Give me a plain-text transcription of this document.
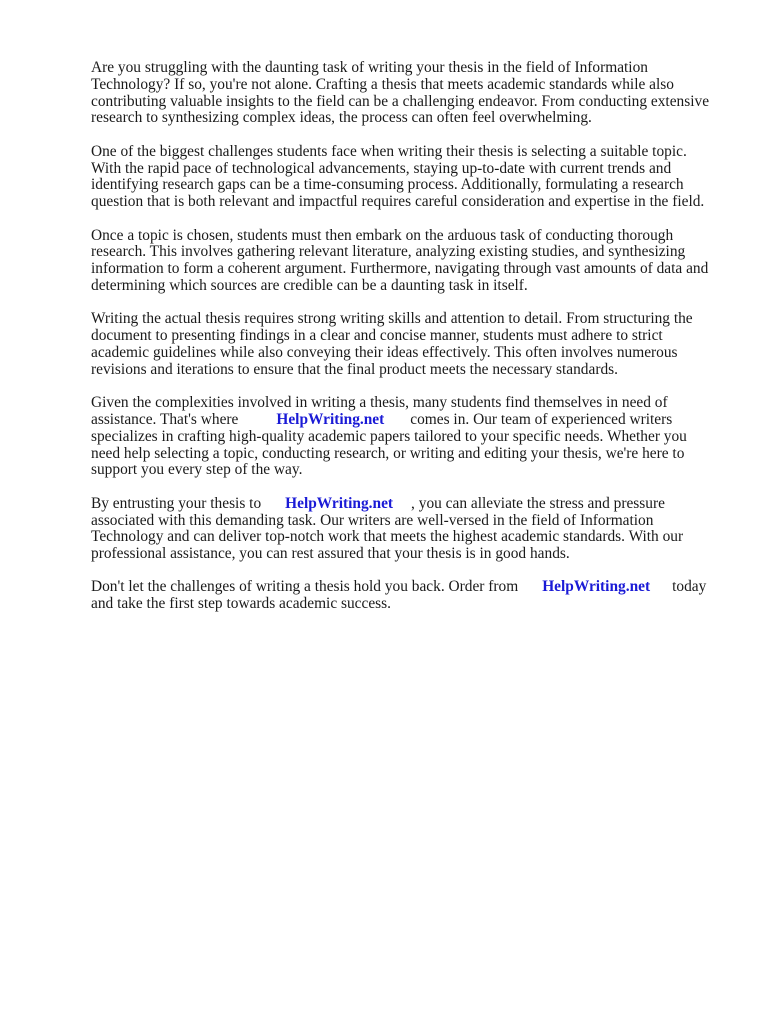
Are you struggling with the daunting task of writing your thesis in the field of Information
Technology? If so, you're not alone. Crafting a thesis that meets academic standards while also
contributing valuable insights to the field can be a challenging endeavor. From conducting extensive
research to synthesizing complex ideas, the process can often feel overwhelming.

One of the biggest challenges students face when writing their thesis is selecting a suitable topic.
With the rapid pace of technological advancements, staying up-to-date with current trends and
identifying research gaps can be a time-consuming process. Additionally, formulating a research
question that is both relevant and impactful requires careful consideration and expertise in the field.

Once a topic is chosen, students must then embark on the arduous task of conducting thorough
research. This involves gathering relevant literature, analyzing existing studies, and synthesizing
information to form a coherent argument. Furthermore, navigating through vast amounts of data and
determining which sources are credible can be a daunting task in itself.

Writing the actual thesis requires strong writing skills and attention to detail. From structuring the
document to presenting findings in a clear and concise manner, students must adhere to strict
academic guidelines while also conveying their ideas effectively. This often involves numerous
revisions and iterations to ensure that the final product meets the necessary standards.

Given the complexities involved in writing a thesis, many students find themselves in need of
assistance. That's where HelpWriting.net comes in. Our team of experienced writers
specializes in crafting high-quality academic papers tailored to your specific needs. Whether you
need help selecting a topic, conducting research, or writing and editing your thesis, we're here to
support you every step of the way.

By entrusting your thesis to HelpWriting.net , you can alleviate the stress and pressure
associated with this demanding task. Our writers are well-versed in the field of Information
Technology and can deliver top-notch work that meets the highest academic standards. With our
professional assistance, you can rest assured that your thesis is in good hands.

Don't let the challenges of writing a thesis hold you back. Order from HelpWriting.net today
and take the first step towards academic success.
